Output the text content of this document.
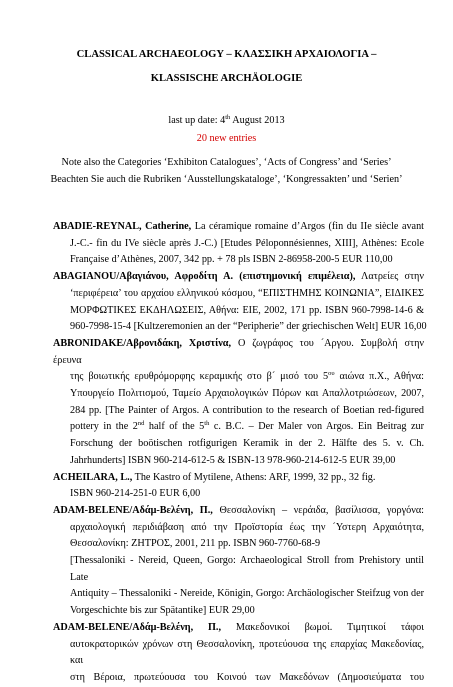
CLASSICAL ARCHAEOLOGY – ΚΛΑΣΣΙΚΗ ΑΡΧΑΙΟΛΟΓΙΑ –
KLASSISCHE ARCHÄOLOGIE
last up date: 4th August 2013
20 new entries
Note also the Categories ‘Exhibiton Catalogues’, ‘Acts of Congress’ and ‘Series’
Beachten Sie auch die Rubriken ‘Ausstellungskataloge’, ‘Kongressakten’ und ‘Serien’
ABADIE-REYNAL, Catherine, La céramique romaine d’Argos (fin du IIe siècle avant
J.-C.- fin du IVe siècle après J.-C.) [Etudes Péloponnésiennes, XIII], Athènes: Ecole
Française d’Athènes, 2007, 342 pp. + 78 pls ISBN 2-86958-200-5 EUR 110,00
ABAGIANOU/Αβαγιάνου, Αφροδίτη Α. (επιστημονική επιμέλεια), Λατρείες στην
‘περιφέρεια’ του αρχαίου ελληνικού κόσμου, “ΕΠΙΣΤΗΜΗΣ ΚΟΙΝΩΝΙΑ”, ΕΙΔΙΚΕΣ
ΜΟΡΦΩΤΙΚΕΣ ΕΚΔΗΛΩΣΕΙΣ, Αθήνα: ΕΙΕ, 2002, 171 pp. ISBN 960-7998-14-6 &
960-7998-15-4 [Kultzeremonien an der “Peripherie” der griechischen Welt] EUR 16,00
ABRONIDAKE/Αβρονιδάκη, Χριστίνα, Ο ζωγράφος του ´Αργου. Συμβολή στην έρευνα
της βοιωτικής ερυθρόμορφης κεραμικής στο β´ μισό του $5^{o\upsilon}$ αιώνα π.Χ., Αθήνα:
Υπουργείο Πολιτισμού, Ταμείο Αρχαιολογικών Πόρων και Απαλλοτριώσεων, 2007,
284 pp. [The Painter of Argos. A contribution to the research of Boetian red-figured
pottery in the 2nd half of the 5th c. B.C. – Der Maler von Argos. Ein Beitrag zur
Forschung der boötischen rotfigurigen Keramik in der 2. Hälfte des 5. v. Ch.
Jahrhunderts] ISBN 960-214-612-5 & ISBN-13 978-960-214-612-5 EUR 39,00
ACHEILARA, L., The Kastro of Mytilene, Athens: ARF, 1999, 32 pp., 32 fig.
ISBN 960-214-251-0 EUR 6,00
ADAM-BELENE/Αδάμ-Βελένη, Π., Θεσσαλονίκη – νεράιδα, βασίλισσα, γοργόνα:
αρχαιολογική περιδιάβαση από την Προϊστορία έως την ´Υστερη Αρχαιότητα,
Θεσσαλονίκη: ΖΗΤΡΟΣ, 2001, 211 pp. ISBN 960-7760-68-9
[Thessaloniki - Nereid, Queen, Gorgo: Archaeological Stroll from Prehistory until Late
Antiquity – Thessaloniki - Nereide, Königin, Gorgo: Archäologischer Steifzug von der
Vorgeschichte bis zur Spätantike] EUR 29,00
ADAM-BELENE/Αδάμ-Βελένη, Π., Μακεδονικοί βωμοί. Τιμητικοί τάφοι
αυτοκρατορικών χρόνων στη Θεσσαλονίκη, προτεύουσα της επαρχίας Μακεδονίας, και
στη Βέροια, πρωτεύουσα του Κοινού των Μακεδόνων (Δημοσιεύματα του
